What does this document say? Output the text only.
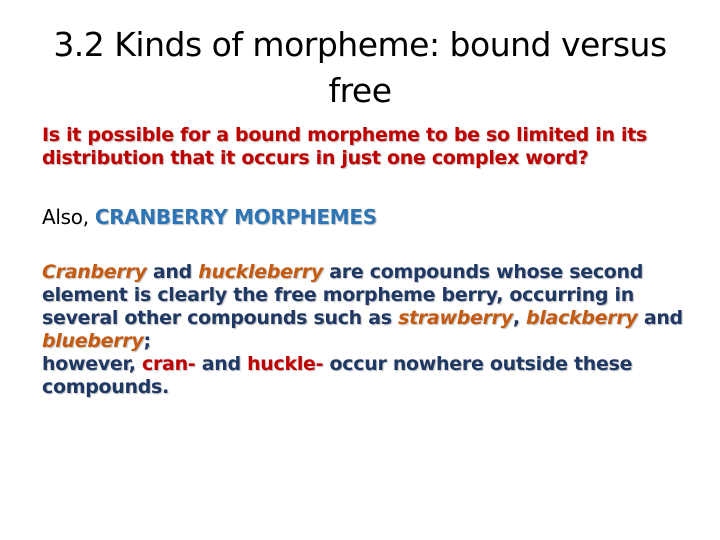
3.2 Kinds of morpheme: bound versus free

Is it possible for a bound morpheme to be so limited in its distribution that it occurs in just one complex word?

Also, CRANBERRY MORPHEMES

Cranberry and huckleberry are compounds whose second element is clearly the free morpheme berry, occurring in several other compounds such as strawberry, blackberry and blueberry;
however, cran- and huckle- occur nowhere outside these compounds.
